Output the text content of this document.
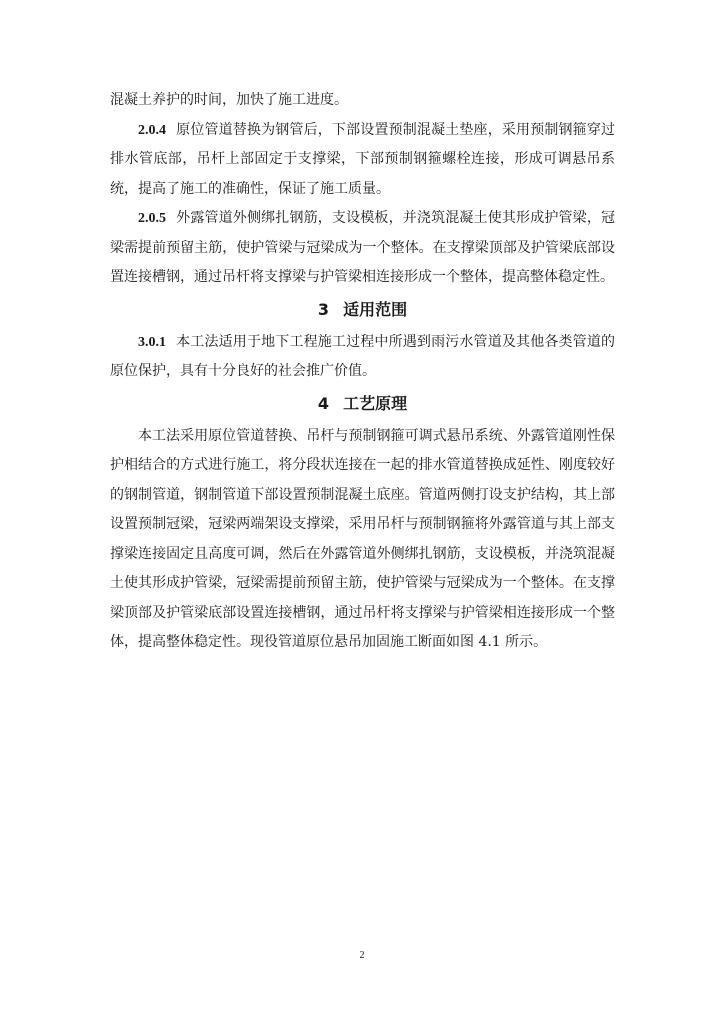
混凝土养护的时间，加快了施工进度。

2.0.4 原位管道替换为钢管后，下部设置预制混凝土垫座，采用预制钢箍穿过排水管底部，吊杆上部固定于支撑梁，下部预制钢箍螺栓连接，形成可调悬吊系统，提高了施工的准确性，保证了施工质量。

2.0.5 外露管道外侧绑扎钢筋，支设模板，并浇筑混凝土使其形成护管梁，冠梁需提前预留主筋，使护管梁与冠梁成为一个整体。在支撑梁顶部及护管梁底部设置连接槽钢，通过吊杆将支撑梁与护管梁相连接形成一个整体，提高整体稳定性。

3 适用范围

3.0.1 本工法适用于地下工程施工过程中所遇到雨污水管道及其他各类管道的原位保护，具有十分良好的社会推广价值。

4 工艺原理

本工法采用原位管道替换、吊杆与预制钢箍可调式悬吊系统、外露管道刚性保护相结合的方式进行施工，将分段状连接在一起的排水管道替换成延性、刚度较好的钢制管道，钢制管道下部设置预制混凝土底座。管道两侧打设支护结构，其上部设置预制冠梁，冠梁两端架设支撑梁，采用吊杆与预制钢箍将外露管道与其上部支撑梁连接固定且高度可调，然后在外露管道外侧绑扎钢筋，支设模板，并浇筑混凝土使其形成护管梁，冠梁需提前预留主筋，使护管梁与冠梁成为一个整体。在支撑梁顶部及护管梁底部设置连接槽钢，通过吊杆将支撑梁与护管梁相连接形成一个整体，提高整体稳定性。现役管道原位悬吊加固施工断面如图 4.1 所示。

2
